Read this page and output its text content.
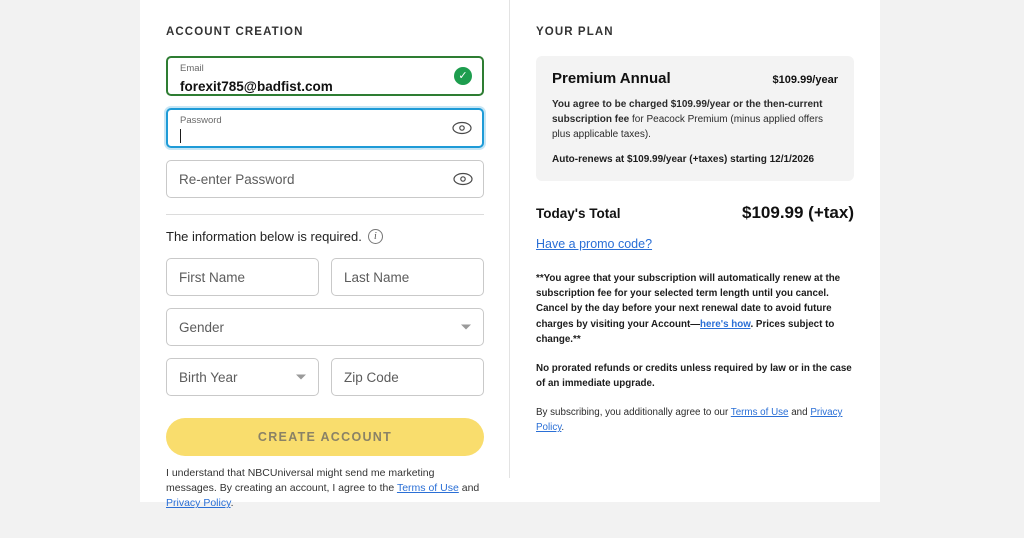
ACCOUNT CREATION
Email
forexit785@badfist.com
✓
Password
Re-enter Password
The information below is required.	i
First Name	Last Name
Gender
Birth Year	Zip Code
CREATE ACCOUNT
I understand that NBCUniversal might send me marketing messages. By creating an account, I agree to the Terms of Use and Privacy Policy.
YOUR PLAN
Premium Annual	$109.99/year
You agree to be charged $109.99/year or the then-current subscription fee for Peacock Premium (minus applied offers plus applicable taxes).
Auto-renews at $109.99/year (+taxes) starting 12/1/2026
Today's Total	$109.99 (+tax)
Have a promo code?
**You agree that your subscription will automatically renew at the subscription fee for your selected term length until you cancel. Cancel by the day before your next renewal date to avoid future charges by visiting your Account—here's how. Prices subject to change.**
No prorated refunds or credits unless required by law or in the case of an immediate upgrade.
By subscribing, you additionally agree to our Terms of Use and Privacy Policy.
